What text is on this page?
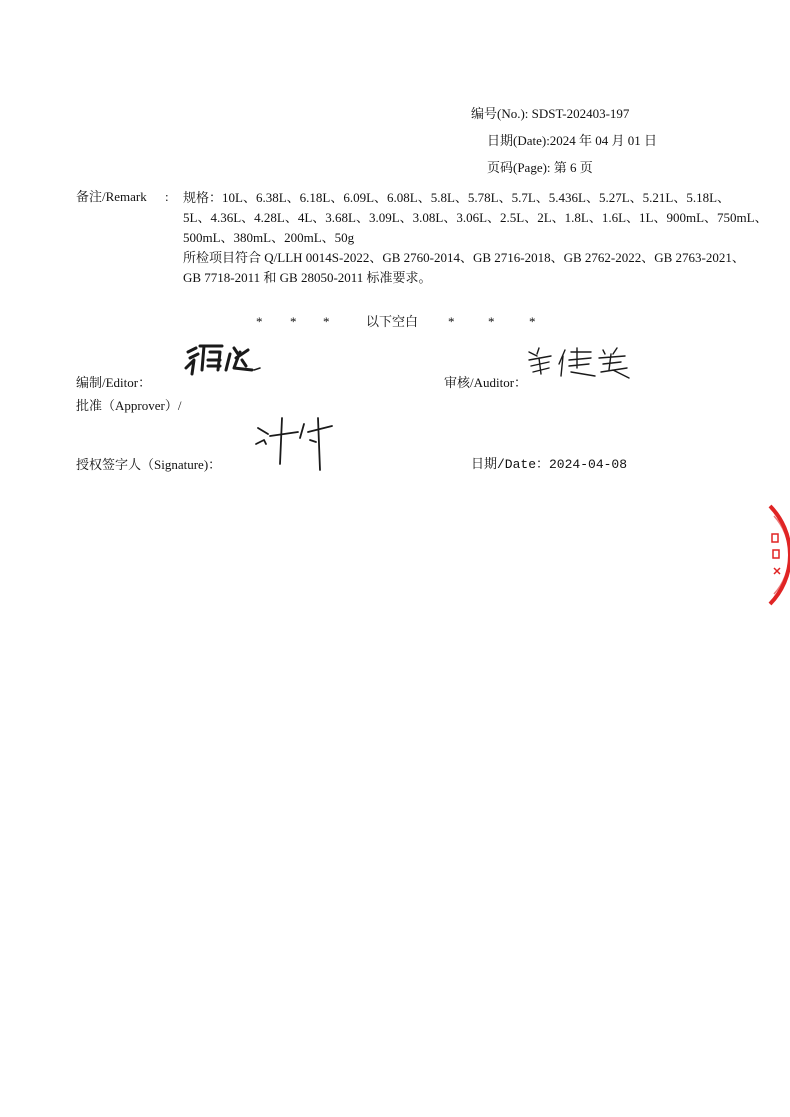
编号(No.): SDST-202403-197
日期(Date):2024 年 04 月 01 日
页码(Page): 第 6 页
备注/Remark : 规格：10L、6.38L、6.18L、6.09L、6.08L、5.8L、5.78L、5.7L、5.436L、5.27L、5.21L、5.18L、

5L、4.36L、4.28L、4L、3.68L、3.09L、3.08L、3.06L、2.5L、2L、1.8L、1.6L、1L、900mL、750mL、

500mL、380mL、200mL、50g

所检项目符合 Q/LLH 0014S-2022、GB 2760-2014、GB 2716-2018、GB 2762-2022、GB 2763-2021、

GB 7718-2011 和 GB 28050-2011 标准要求。

* * *	以下空白 *	*	*
编制/Editor：	审核/Auditor：
批准（Approver）/
授权签字人（Signature)：	日期/Date：2024-04-08
